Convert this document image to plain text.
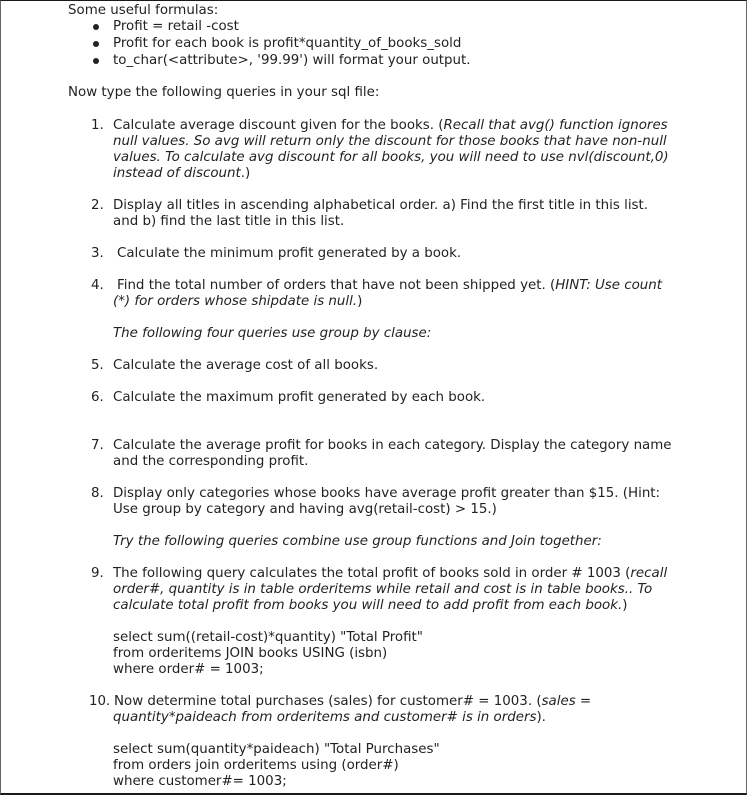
Some useful formulas:
Profit = retail -cost
Profit for each book is profit*quantity_of_books_sold
to_char(<attribute>, '99.99') will format your output.
Now type the following queries in your sql file:
1. Calculate average discount given for the books. (Recall that avg() function ignores
null values. So avg will return only the discount for those books that have non-null
values. To calculate avg discount for all books, you will need to use nvl(discount,0)
instead of discount.)
2. Display all titles in ascending alphabetical order. a) Find the first title in this list.
and b) find the last title in this list.
3. Calculate the minimum profit generated by a book.
4. Find the total number of orders that have not been shipped yet. (HINT: Use count
(*) for orders whose shipdate is null.)
The following four queries use group by clause:
5. Calculate the average cost of all books.
6. Calculate the maximum profit generated by each book.
7. Calculate the average profit for books in each category. Display the category name
and the corresponding profit.
8. Display only categories whose books have average profit greater than $15. (Hint:
Use group by category and having avg(retail-cost) > 15.)
Try the following queries combine use group functions and Join together:
9. The following query calculates the total profit of books sold in order # 1003 (recall
order#, quantity is in table orderitems while retail and cost is in table books.. To
calculate total profit from books you will need to add profit from each book.)
select sum((retail-cost)*quantity) "Total Profit"
from orderitems JOIN books USING (isbn)
where order# = 1003;
10. Now determine total purchases (sales) for customer# = 1003. (sales =
quantity*paideach from orderitems and customer# is in orders).
select sum(quantity*paideach) "Total Purchases"
from orders join orderitems using (order#)
where customer#= 1003;
